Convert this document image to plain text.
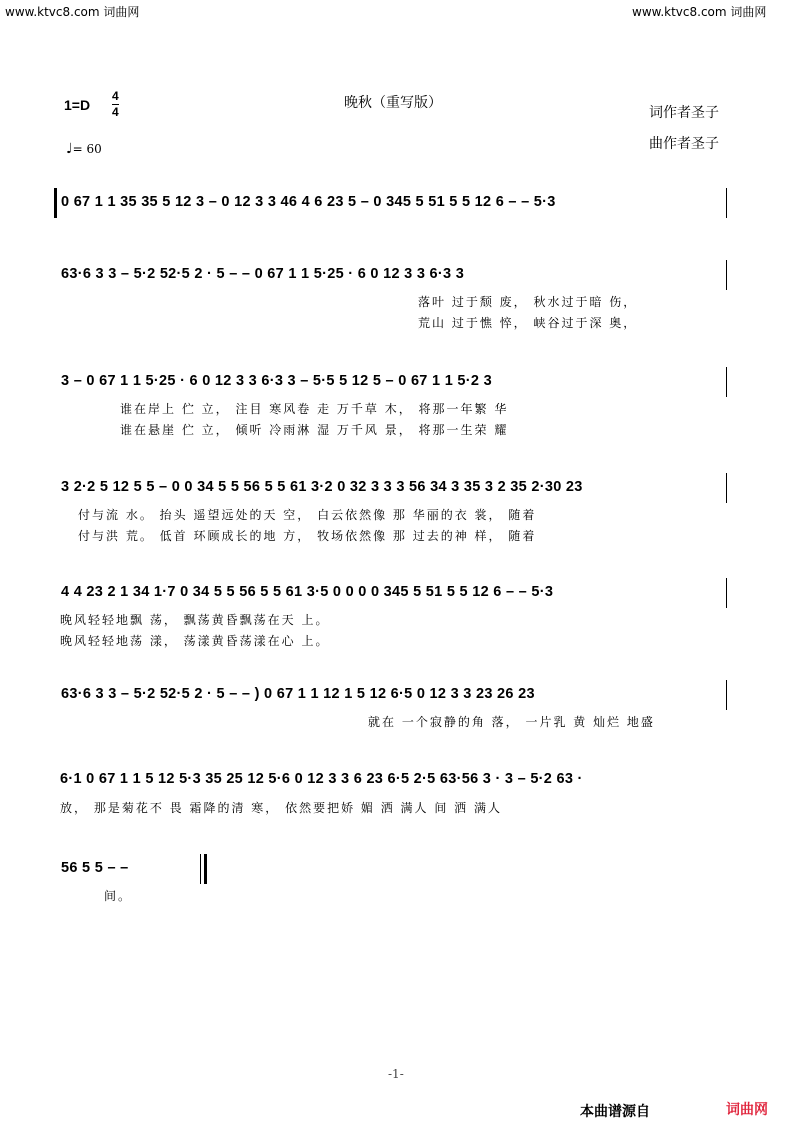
www.ktvc8.com 词曲网	www.ktvc8.com 词曲网
1=D
4
4
♩= 60
晚秋（重写版）
词作者圣子
曲作者圣子
0 67 1 1 35 35 5 12 3 – 0 12 3 3 46 4 6 23 5 – 0 345 5 51 5 5 12 6 – – 5·3
63·6 3 3 – 5·2 52·5 2 · 5 – – 0 67 1 1 5·25 · 6 0 12 3 3 6·3 3
落叶 过于颓 废， 秋水过于暗 伤，
荒山 过于憔 悴， 峡谷过于深 奥，
3 – 0 67 1 1 5·25 · 6 0 12 3 3 6·3 3 – 5·5 5 12 5 – 0 67 1 1 5·2 3
谁在岸上 伫 立， 注目 寒风卷 走 万千草 木， 将那一年繁 华
谁在悬崖 伫 立， 倾听 冷雨淋 湿 万千风 景， 将那一生荣 耀
3 2·2 5 12 5 5 – 0 0 34 5 5 56 5 5 61 3·2 0 32 3 3 3 56 34 3 35 3 2 35 2·30 23
付与流 水。 抬头 遥望远处的天 空， 白云依然像 那 华丽的衣 裳， 随着
付与洪 荒。 低首 环顾成长的地 方， 牧场依然像 那 过去的神 样， 随着
4 4 23 2 1 34 1·7 0 34 5 5 56 5 5 61 3·5 0 0 0 0 345 5 51 5 5 12 6 – – 5·3
晚风轻轻地飘 荡， 飘荡黄昏飘荡在天 上。
晚风轻轻地荡 漾， 荡漾黄昏荡漾在心 上。
63·6 3 3 – 5·2 52·5 2 · 5 – – ) 0 67 1 1 12 1 5 12 6·5 0 12 3 3 23 26 23
就在 一个寂静的角 落， 一片乳 黄 灿烂 地盛
6·1 0 67 1 1 5 12 5·3 35 25 12 5·6 0 12 3 3 6 23 6·5 2·5 63·56 3 · 3 – 5·2 63 ·
放， 那是菊花不 畏 霜降的清 寒， 依然要把娇 媚 洒 满人 间 洒 满人
56 5 5 – –
间。
-1-
本曲谱源自	词曲网
